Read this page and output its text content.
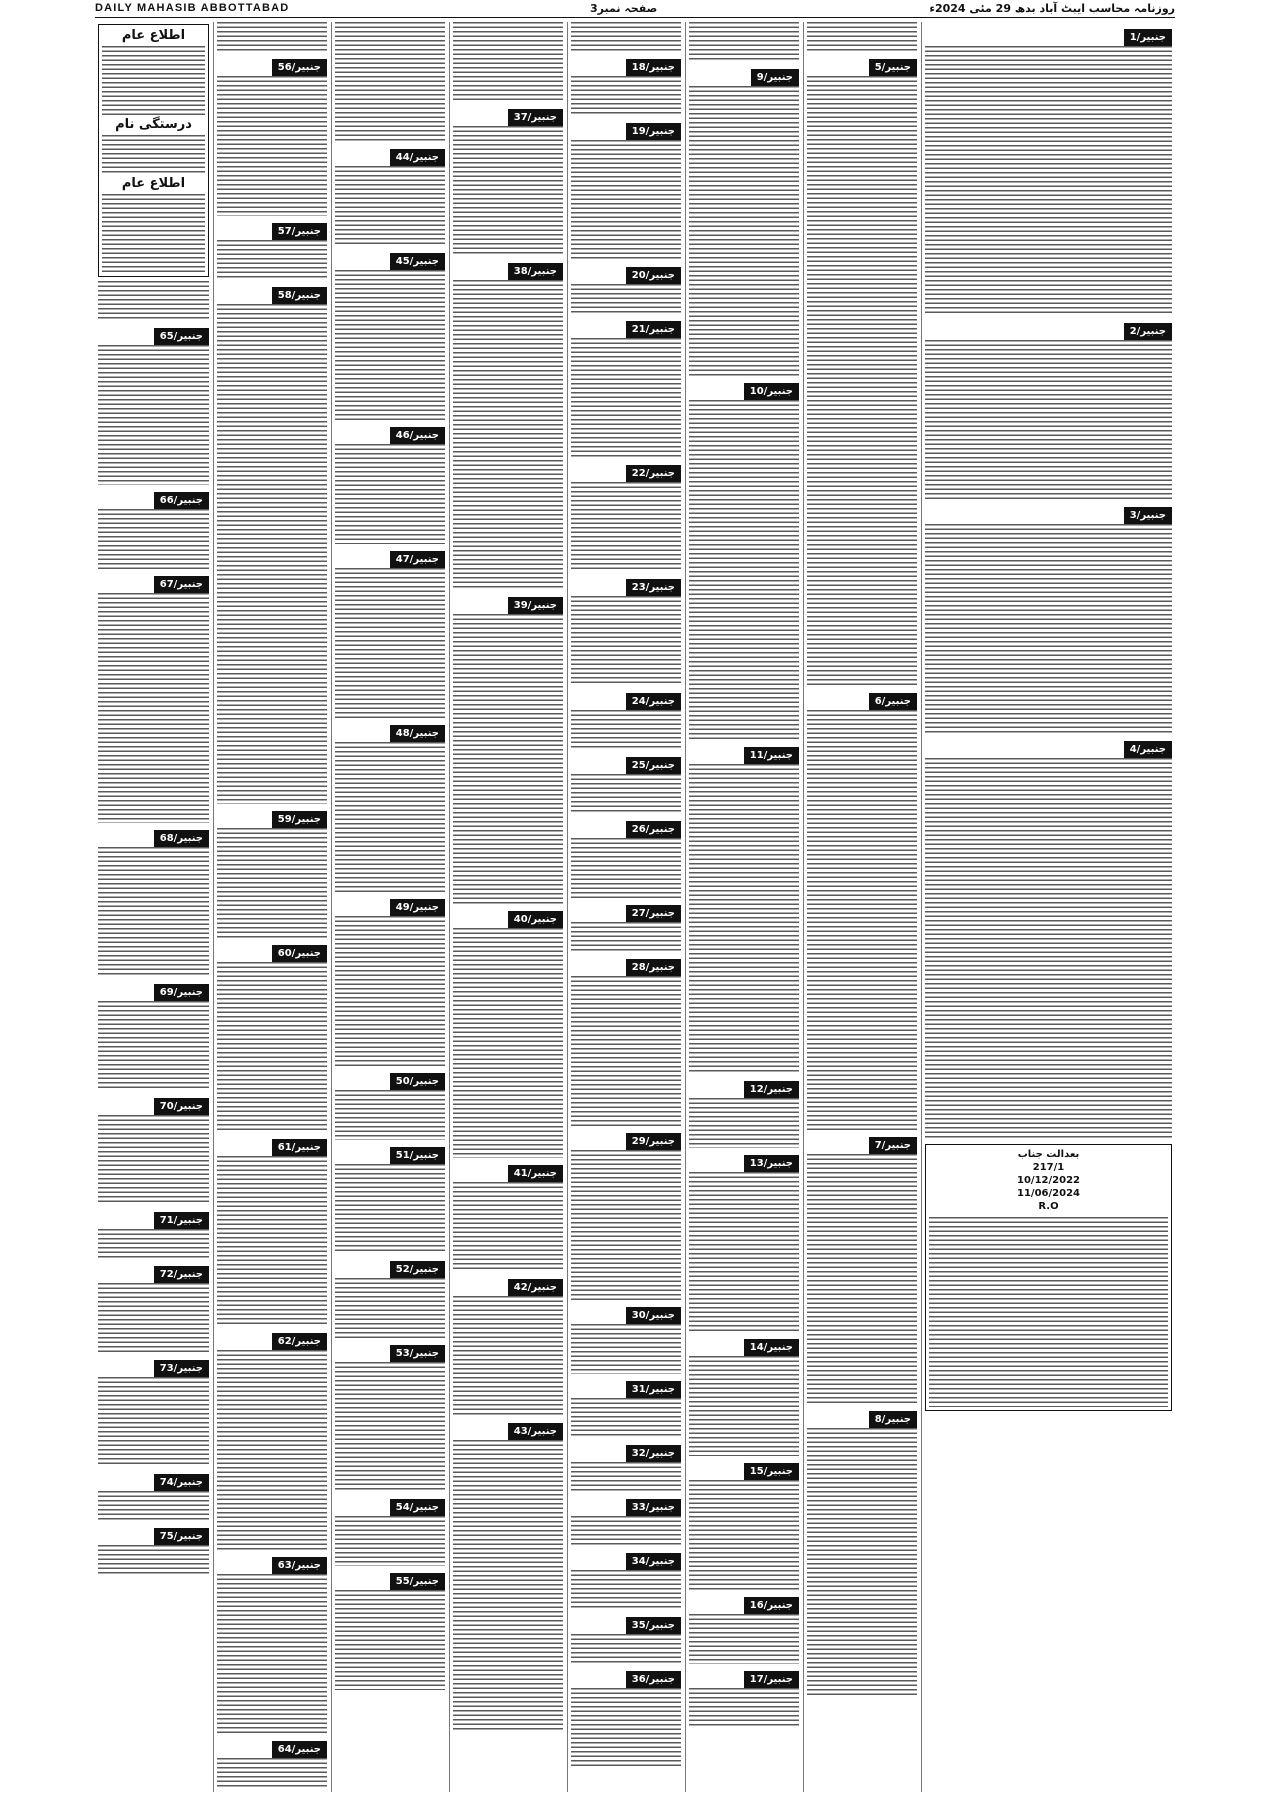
DAILY MAHASIB ABBOTTABAD	صفحہ نمبر3	روزنامہ محاسب ایبٹ آباد بدھ 29 مئی 2024ء
اطلاع عام
درستگی نام
اطلاع عام
جنبیر/65
جنبیر/66
جنبیر/67
جنبیر/68
جنبیر/69
جنبیر/70
جنبیر/71
جنبیر/72
جنبیر/73
جنبیر/74
جنبیر/75
جنبیر/56
جنبیر/57
جنبیر/58
جنبیر/59
جنبیر/60
جنبیر/61
جنبیر/62
جنبیر/63
جنبیر/64
جنبیر/44
جنبیر/45
جنبیر/46
جنبیر/47
جنبیر/48
جنبیر/49
جنبیر/50
جنبیر/51
جنبیر/52
جنبیر/53
جنبیر/54
جنبیر/55
جنبیر/37
جنبیر/38
جنبیر/39
جنبیر/40
جنبیر/41
جنبیر/42
جنبیر/43
جنبیر/18
جنبیر/19
جنبیر/20
جنبیر/21
جنبیر/22
جنبیر/23
جنبیر/24
جنبیر/25
جنبیر/26
جنبیر/27
جنبیر/28
جنبیر/29
جنبیر/30
جنبیر/31
جنبیر/32
جنبیر/33
جنبیر/34
جنبیر/35
جنبیر/36
جنبیر/9
جنبیر/10
جنبیر/11
جنبیر/12
جنبیر/13
جنبیر/14
جنبیر/15
جنبیر/16
جنبیر/17
جنبیر/5
جنبیر/6
جنبیر/7
جنبیر/8
جنبیر/1
جنبیر/2
جنبیر/3
جنبیر/4
بعدالت جناب
217/1
10/12/2022
11/06/2024
R.O
